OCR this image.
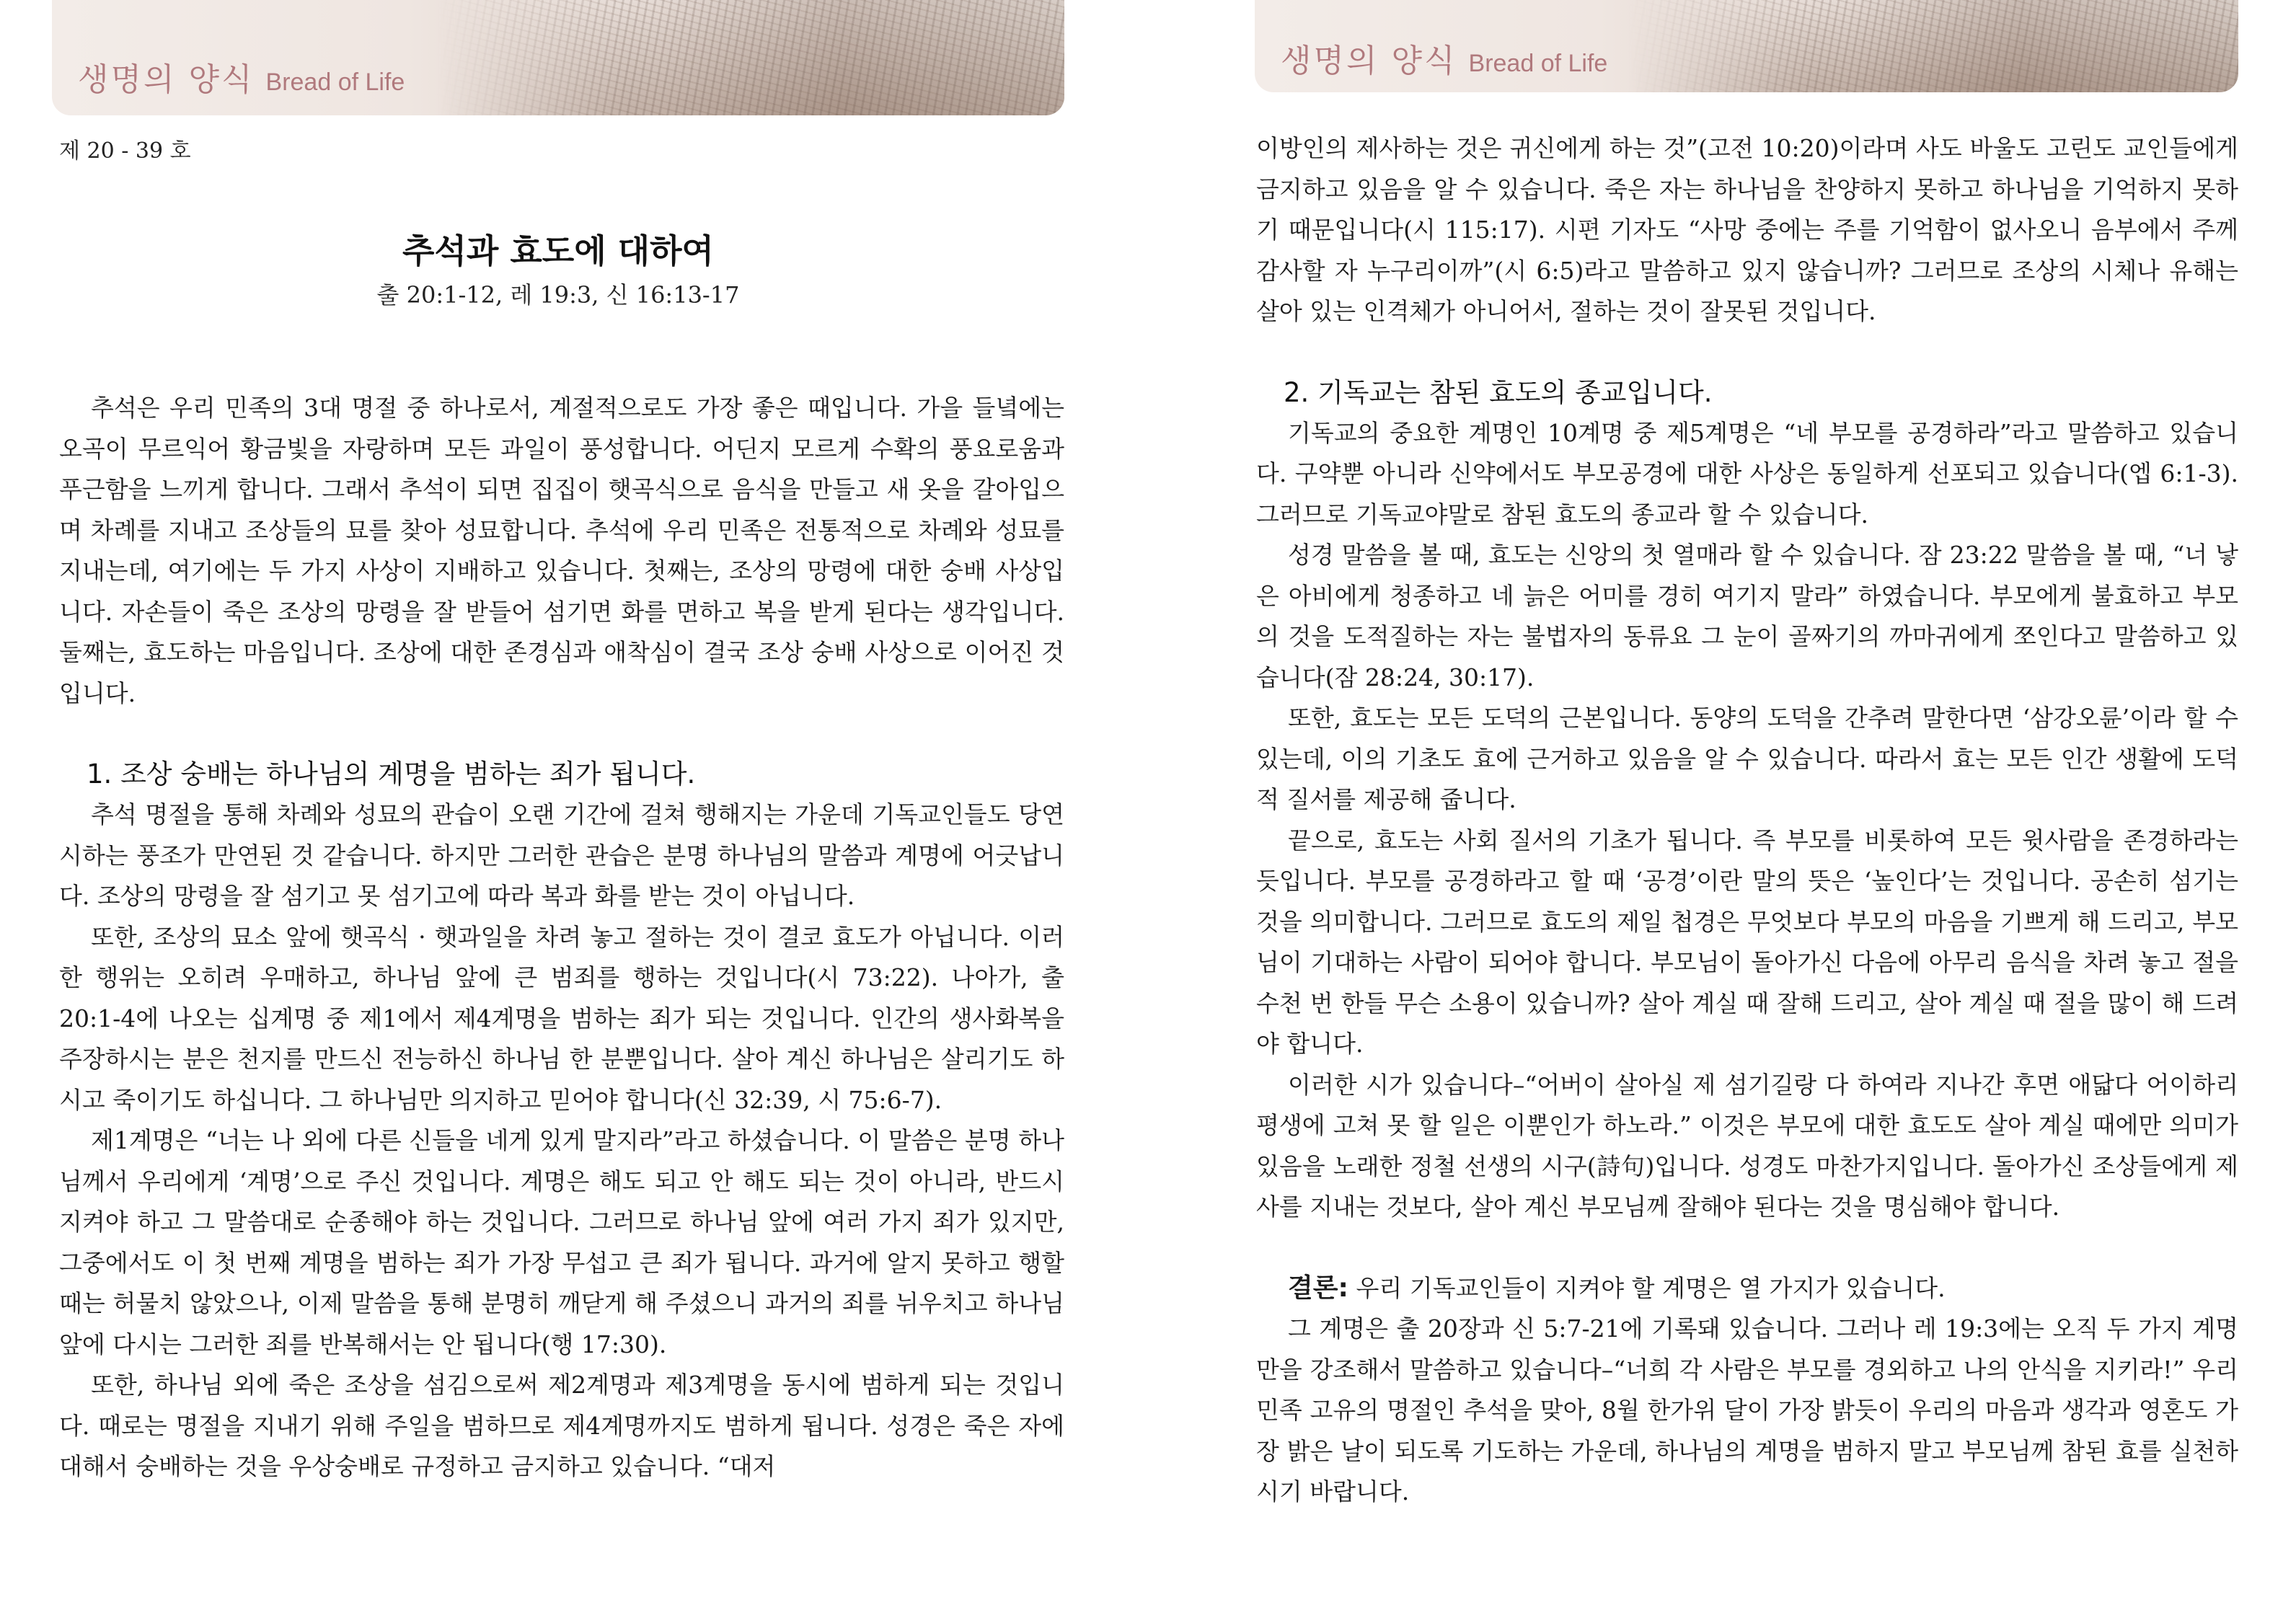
생명의 양식 Bread of Life
제 20 - 39 호
추석과 효도에 대하여
출 20:1-12, 레 19:3, 신 16:13-17

추석은 우리 민족의 3대 명절 중 하나로서, 계절적으로도 가장 좋은 때입니다. 가을 들녘에는 오곡이 무르익어 황금빛을 자랑하며 모든 과일이 풍성합니다. 어딘지 모르게 수확의 풍요로움과 푸근함을 느끼게 합니다. 그래서 추석이 되면 집집이 햇곡식으로 음식을 만들고 새 옷을 갈아입으며 차례를 지내고 조상들의 묘를 찾아 성묘합니다. 추석에 우리 민족은 전통적으로 차례와 성묘를 지내는데, 여기에는 두 가지 사상이 지배하고 있습니다. 첫째는, 조상의 망령에 대한 숭배 사상입니다. 자손들이 죽은 조상의 망령을 잘 받들어 섬기면 화를 면하고 복을 받게 된다는 생각입니다. 둘째는, 효도하는 마음입니다. 조상에 대한 존경심과 애착심이 결국 조상 숭배 사상으로 이어진 것입니다.

1. 조상 숭배는 하나님의 계명을 범하는 죄가 됩니다.

추석 명절을 통해 차례와 성묘의 관습이 오랜 기간에 걸쳐 행해지는 가운데 기독교인들도 당연시하는 풍조가 만연된 것 같습니다. 하지만 그러한 관습은 분명 하나님의 말씀과 계명에 어긋납니다. 조상의 망령을 잘 섬기고 못 섬기고에 따라 복과 화를 받는 것이 아닙니다.

또한, 조상의 묘소 앞에 햇곡식 · 햇과일을 차려 놓고 절하는 것이 결코 효도가 아닙니다. 이러한 행위는 오히려 우매하고, 하나님 앞에 큰 범죄를 행하는 것입니다(시 73:22). 나아가, 출 20:1-4에 나오는 십계명 중 제1에서 제4계명을 범하는 죄가 되는 것입니다. 인간의 생사화복을 주장하시는 분은 천지를 만드신 전능하신 하나님 한 분뿐입니다. 살아 계신 하나님은 살리기도 하시고 죽이기도 하십니다. 그 하나님만 의지하고 믿어야 합니다(신 32:39, 시 75:6-7).

제1계명은 “너는 나 외에 다른 신들을 네게 있게 말지라”라고 하셨습니다. 이 말씀은 분명 하나님께서 우리에게 ‘계명’으로 주신 것입니다. 계명은 해도 되고 안 해도 되는 것이 아니라, 반드시 지켜야 하고 그 말씀대로 순종해야 하는 것입니다. 그러므로 하나님 앞에 여러 가지 죄가 있지만, 그중에서도 이 첫 번째 계명을 범하는 죄가 가장 무섭고 큰 죄가 됩니다. 과거에 알지 못하고 행할 때는 허물치 않았으나, 이제 말씀을 통해 분명히 깨닫게 해 주셨으니 과거의 죄를 뉘우치고 하나님 앞에 다시는 그러한 죄를 반복해서는 안 됩니다(행 17:30).

또한, 하나님 외에 죽은 조상을 섬김으로써 제2계명과 제3계명을 동시에 범하게 되는 것입니다. 때로는 명절을 지내기 위해 주일을 범하므로 제4계명까지도 범하게 됩니다. 성경은 죽은 자에 대해서 숭배하는 것을 우상숭배로 규정하고 금지하고 있습니다. “대저

생명의 양식 Bread of Life

이방인의 제사하는 것은 귀신에게 하는 것”(고전 10:20)이라며 사도 바울도 고린도 교인들에게 금지하고 있음을 알 수 있습니다. 죽은 자는 하나님을 찬양하지 못하고 하나님을 기억하지 못하기 때문입니다(시 115:17). 시편 기자도 “사망 중에는 주를 기억함이 없사오니 음부에서 주께 감사할 자 누구리이까”(시 6:5)라고 말씀하고 있지 않습니까? 그러므로 조상의 시체나 유해는 살아 있는 인격체가 아니어서, 절하는 것이 잘못된 것입니다.

2. 기독교는 참된 효도의 종교입니다.

기독교의 중요한 계명인 10계명 중 제5계명은 “네 부모를 공경하라”라고 말씀하고 있습니다. 구약뿐 아니라 신약에서도 부모공경에 대한 사상은 동일하게 선포되고 있습니다(엡 6:1-3). 그러므로 기독교야말로 참된 효도의 종교라 할 수 있습니다.

성경 말씀을 볼 때, 효도는 신앙의 첫 열매라 할 수 있습니다. 잠 23:22 말씀을 볼 때, “너 낳은 아비에게 청종하고 네 늙은 어미를 경히 여기지 말라” 하였습니다. 부모에게 불효하고 부모의 것을 도적질하는 자는 불법자의 동류요 그 눈이 골짜기의 까마귀에게 쪼인다고 말씀하고 있습니다(잠 28:24, 30:17).

또한, 효도는 모든 도덕의 근본입니다. 동양의 도덕을 간추려 말한다면 ‘삼강오륜’이라 할 수 있는데, 이의 기초도 효에 근거하고 있음을 알 수 있습니다. 따라서 효는 모든 인간 생활에 도덕적 질서를 제공해 줍니다.

끝으로, 효도는 사회 질서의 기초가 됩니다. 즉 부모를 비롯하여 모든 윗사람을 존경하라는 듯입니다. 부모를 공경하라고 할 때 ‘공경’이란 말의 뜻은 ‘높인다’는 것입니다. 공손히 섬기는 것을 의미합니다. 그러므로 효도의 제일 첩경은 무엇보다 부모의 마음을 기쁘게 해 드리고, 부모님이 기대하는 사람이 되어야 합니다. 부모님이 돌아가신 다음에 아무리 음식을 차려 놓고 절을 수천 번 한들 무슨 소용이 있습니까? 살아 계실 때 잘해 드리고, 살아 계실 때 절을 많이 해 드려야 합니다.

이러한 시가 있습니다–“어버이 살아실 제 섬기길랑 다 하여라 지나간 후면 애닯다 어이하리 평생에 고쳐 못 할 일은 이뿐인가 하노라.” 이것은 부모에 대한 효도도 살아 계실 때에만 의미가 있음을 노래한 정철 선생의 시구(詩句)입니다. 성경도 마찬가지입니다. 돌아가신 조상들에게 제사를 지내는 것보다, 살아 계신 부모님께 잘해야 된다는 것을 명심해야 합니다.

결론: 우리 기독교인들이 지켜야 할 계명은 열 가지가 있습니다.

그 계명은 출 20장과 신 5:7-21에 기록돼 있습니다. 그러나 레 19:3에는 오직 두 가지 계명만을 강조해서 말씀하고 있습니다–“너희 각 사람은 부모를 경외하고 나의 안식을 지키라!” 우리 민족 고유의 명절인 추석을 맞아, 8월 한가위 달이 가장 밝듯이 우리의 마음과 생각과 영혼도 가장 밝은 날이 되도록 기도하는 가운데, 하나님의 계명을 범하지 말고 부모님께 참된 효를 실천하시기 바랍니다.
